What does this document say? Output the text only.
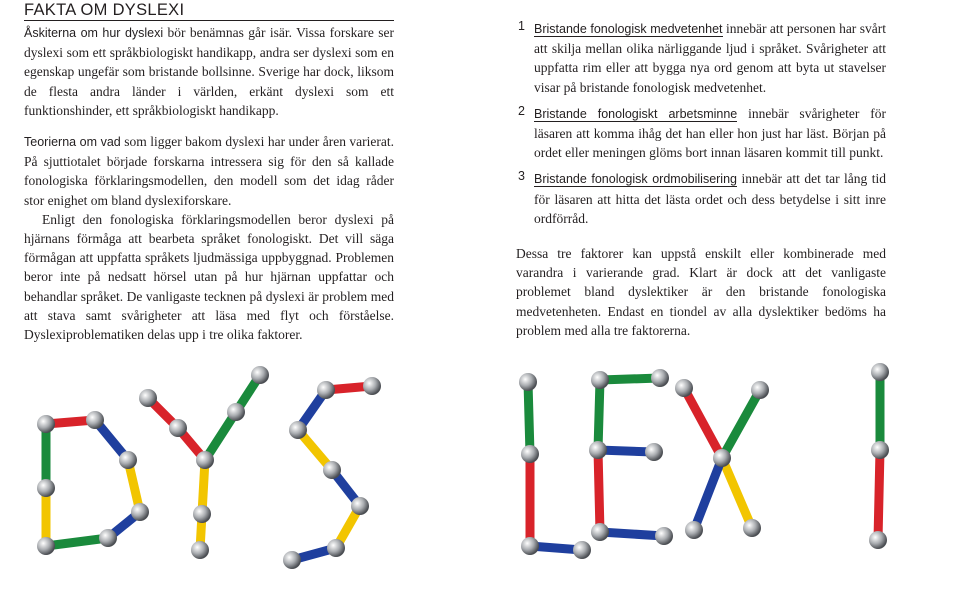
FAKTA OM DYSLEXI

Åskiterna om hur dyslexi bör benämnas går isär. Vissa forskare ser dyslexi som ett språkbiologiskt handikapp, andra ser dyslexi som en egenskap ungefär som bristande bollsinne. Sverige har dock, liksom de flesta andra länder i världen, erkänt dyslexi som ett funktionshinder, ett språkbiologiskt handikapp.

Teorierna om vad som ligger bakom dyslexi har under åren varierat. På sjuttiotalet började forskarna intressera sig för den så kallade fonologiska förklaringsmodellen, den modell som det idag råder stor enighet om bland dyslexiforskare.

Enligt den fonologiska förklaringsmodellen beror dyslexi på hjärnans förmåga att bearbeta språket fonologiskt. Det vill säga förmågan att uppfatta språkets ljudmässiga uppbyggnad. Problemen beror inte på nedsatt hörsel utan på hur hjärnan uppfattar och behandlar språket. De vanligaste tecknen på dyslexi är problem med att stava samt svårigheter att läsa med flyt och förståelse. Dyslexiproblematiken delas upp i tre olika faktorer.

1 Bristande fonologisk medvetenhet innebär att personen har svårt att skilja mellan olika närliggande ljud i språket. Svårigheter att uppfatta rim eller att bygga nya ord genom att byta ut stavelser visar på bristande fonologisk medvetenhet.

2 Bristande fonologiskt arbetsminne innebär svårigheter för läsaren att komma ihåg det han eller hon just har läst. Början på ordet eller meningen glöms bort innan läsaren kommit till punkt.

3 Bristande fonologisk ordmobilisering innebär att det tar lång tid för läsaren att hitta det lästa ordet och dess betydelse i sitt inre ordförråd.

Dessa tre faktorer kan uppstå enskilt eller kombinerade med varandra i varierande grad. Klart är dock att det vanligaste problemet bland dyslektiker är den bristande fonologiska medvetenheten. Endast en tiondel av alla dyslektiker bedöms ha problem med alla tre faktorerna.
